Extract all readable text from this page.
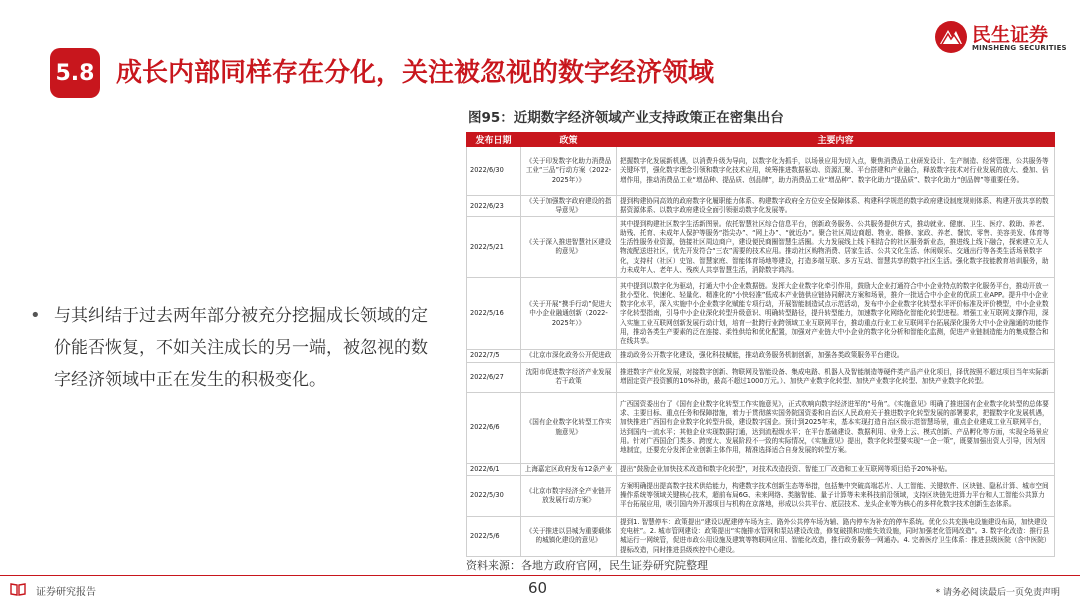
5.8 成长内部同样存在分化，关注被忽视的数字经济领域
民生证券
MINSHENG SECURITIES
• 与其纠结于过去两年部分被充分挖掘成长领域的定价能否恢复，不如关注成长的另一端，被忽视的数字经济领域中正在发生的积极变化。
图95：近期数字经济领域产业支持政策正在密集出台
发布日期	政策	主要内容
2022/6/30	《关于印发数字化助力消费品工业“三品”行动方案（2022-2025年）》	把握数字化发展新机遇，以消费升级为导向，以数字化为抓手，以场景应用为切入点，聚焦消费品工业研发设计、生产制造、经营管理、公共服务等关键环节，强化数字理念引领和数字化技术应用，统筹推进数据驱动、资源汇聚、平台搭建和产业融合，释放数字技术对行业发展的放大、叠加、倍增作用，推动消费品工业“增品种、提品质、创品牌”，助力消费品工业“增品种”、数字化助力“提品质”、数字化助力“创品牌”等重要任务。
2022/6/23	《关于加强数字政府建设的指导意见》	提到构建协同高效的政府数字化履职能力体系、构建数字政府全方位安全保障体系、构建科学规范的数字政府建设制度规则体系、构建开放共享的数据资源体系、以数字政府建设全面引领驱动数字化发展等。
2022/5/21	《关于深入推进智慧社区建设的意见》	其中提到构建社区数字生活新图景。依托智慧社区综合信息平台，创新政务服务、公共服务提供方式，推动就业、健康、卫生、医疗、救助、养老、助残、托育、未成年人保护等服务“指尖办”、“网上办”、“就近办”。聚合社区周边商超、物业、维修、家政、养老、餐饮、零售、美容美发、体育等生活性服务业资源，链接社区周边商户，建设便民商圈智慧生活圈。大力发展线上线下相结合的社区服务新业态，推进线上线下融合，探索建立无人物流配送进社区，优先开发符合“三农”需要的技术应用。推动社区购物消费、居家生活、公共文化生活、休闲娱乐、交通出行等各类生活场景数字化，支持村（社区）史馆、智慧家庭、智能体育场地等建设，打造多端互联、多方互动、智慧共享的数字社区生活。强化数字技能教育培训服务，助力未成年人、老年人、残疾人共享智慧生活，消除数字鸿沟。
2022/5/16	《关于开展“携手行动”促进大中小企业融通创新（2022-2025年）》	其中提到以数字化为驱动，打通大中小企业数据链。发挥大企业数字化牵引作用，鼓励大企业打通符合中小企业特点的数字化服务平台，推动开放一批小型化、快速化、轻量化、精准化的“小快轻准”低成本产业链供应链协同解决方案和场景，推介一批适合中小企业的优质工业APP。提升中小企业数字化水平，深入实施中小企业数字化赋能专项行动，开展智能制造试点示范活动，发布中小企业数字化转型水平评价标准及评价模型，中小企业数字化转型指南，引导中小企业深化转型升级意识、明确转型路径，提升转型能力，加速数字化网络化智能化转型进程。增强工业互联网支撑作用，深入实施工业互联网创新发展行动计划，培育一批跨行业跨领域工业互联网平台，推动重点行业工业互联网平台拓展深化服务大中小企业融通的功能作用，推动各类生产要素的泛在连接、柔性供给和优化配置，加强对产业链大中小企业的数字化分析和智能化监测，促进产业链制造能力的集成整合和在线共享。
2022/7/5	《北京市深化政务公开促进政	推动政务公开数字化建设，强化科技赋能，推动政务服务机制创新，加强各类政策服务平台建设。
2022/6/27	沈阳市促进数字经济产业发展若干政策	推进数字产业化发展，对接数字创新、物联网及智能设备、集成电路、机器人及智能制造等硬件类产品产业化项目，择优按照不超过项目当年实际新增固定资产投资额的10%补助，最高不超过1000万元。）、加快产业数字化转型、加快产业数字化转型、加快产业数字化转型。
2022/6/6	《国有企业数字化转型工作实施意见》	广西国资委出台了《国有企业数字化转型工作实施意见》，正式吹响向数字经济进军的“号角”。《实施意见》明确了推进国有企业数字化转型的总体要求、主要目标、重点任务和保障措施，着力于贯彻落实国务院国资委和自治区人民政府关于推进数字化转型发展的部署要求，把握数字化发展机遇，加快推进广西国有企业数字化转型升级，建设数字国企。预计到2025年末，基本实现打造自治区级示范智慧场景，重点企业建成工业互联网平台，达到国内一流水平；其他企业实现数据打通，达到流程级水平；在平台基础建设、数据利用、业务上云、模式创新、产品孵化等方面，实现全场景应用。针对广西国企门类多、跨度大、发展阶段不一致的实际情况，《实施意见》提出，数字化转型要实现“一企一策”，既要加强出资人引导，因为因地制宜，还要充分发挥企业创新主体作用，精准选择适合自身发展的转型方案。
2022/6/1	上海嘉定区政府发布12条产业	提出“鼓励企业加快技术改造和数字化转型”，对技术改造投资、智能工厂改造和工业互联网等项目给予20%补贴。
2022/5/30	《北京市数字经济全产业链开放发展行动方案》	方案明确提出提高数字技术供给能力，构建数字技术创新生态等举措，包括集中突破高端芯片、人工智能、关键软件、区块链、隐私计算、城市空间操作系统等领域关键核心技术，超前布局6G、未来网络、类脑智能、量子计算等未来科技前沿领域，支持区块链先进算力平台和人工智能公共算力平台拓展应用，吸引国内外开源项目与机构在京落地，形成以公共平台、底层技术、龙头企业等为核心的多样化数字技术创新生态体系。
2022/5/6	《关于推进以县城为重要载体的城镇化建设的意见》	提到1. 智慧停车：政策提出“建设以配建停车场为主、路外公共停车场为辅、路内停车为补充的停车系统。优化公共充换电设施建设布局，加快建设充电桩”。2. 城市管网建设：政策提出“实施排水管网和泵站建设改造，修复破损和功能失效设施，同时加强老化管网改造”。3. 数字化改造：推行县城运行一网统管，促进市政公用设施及建筑等物联网应用、智能化改造，推行政务服务一网通办。4. 完善医疗卫生体系：推进县级医院（含中医院）提标改造，同时推进县级疾控中心建设。
资料来源：各地方政府官网，民生证券研究院整理
证券研究报告	60	* 请务必阅读最后一页免责声明
